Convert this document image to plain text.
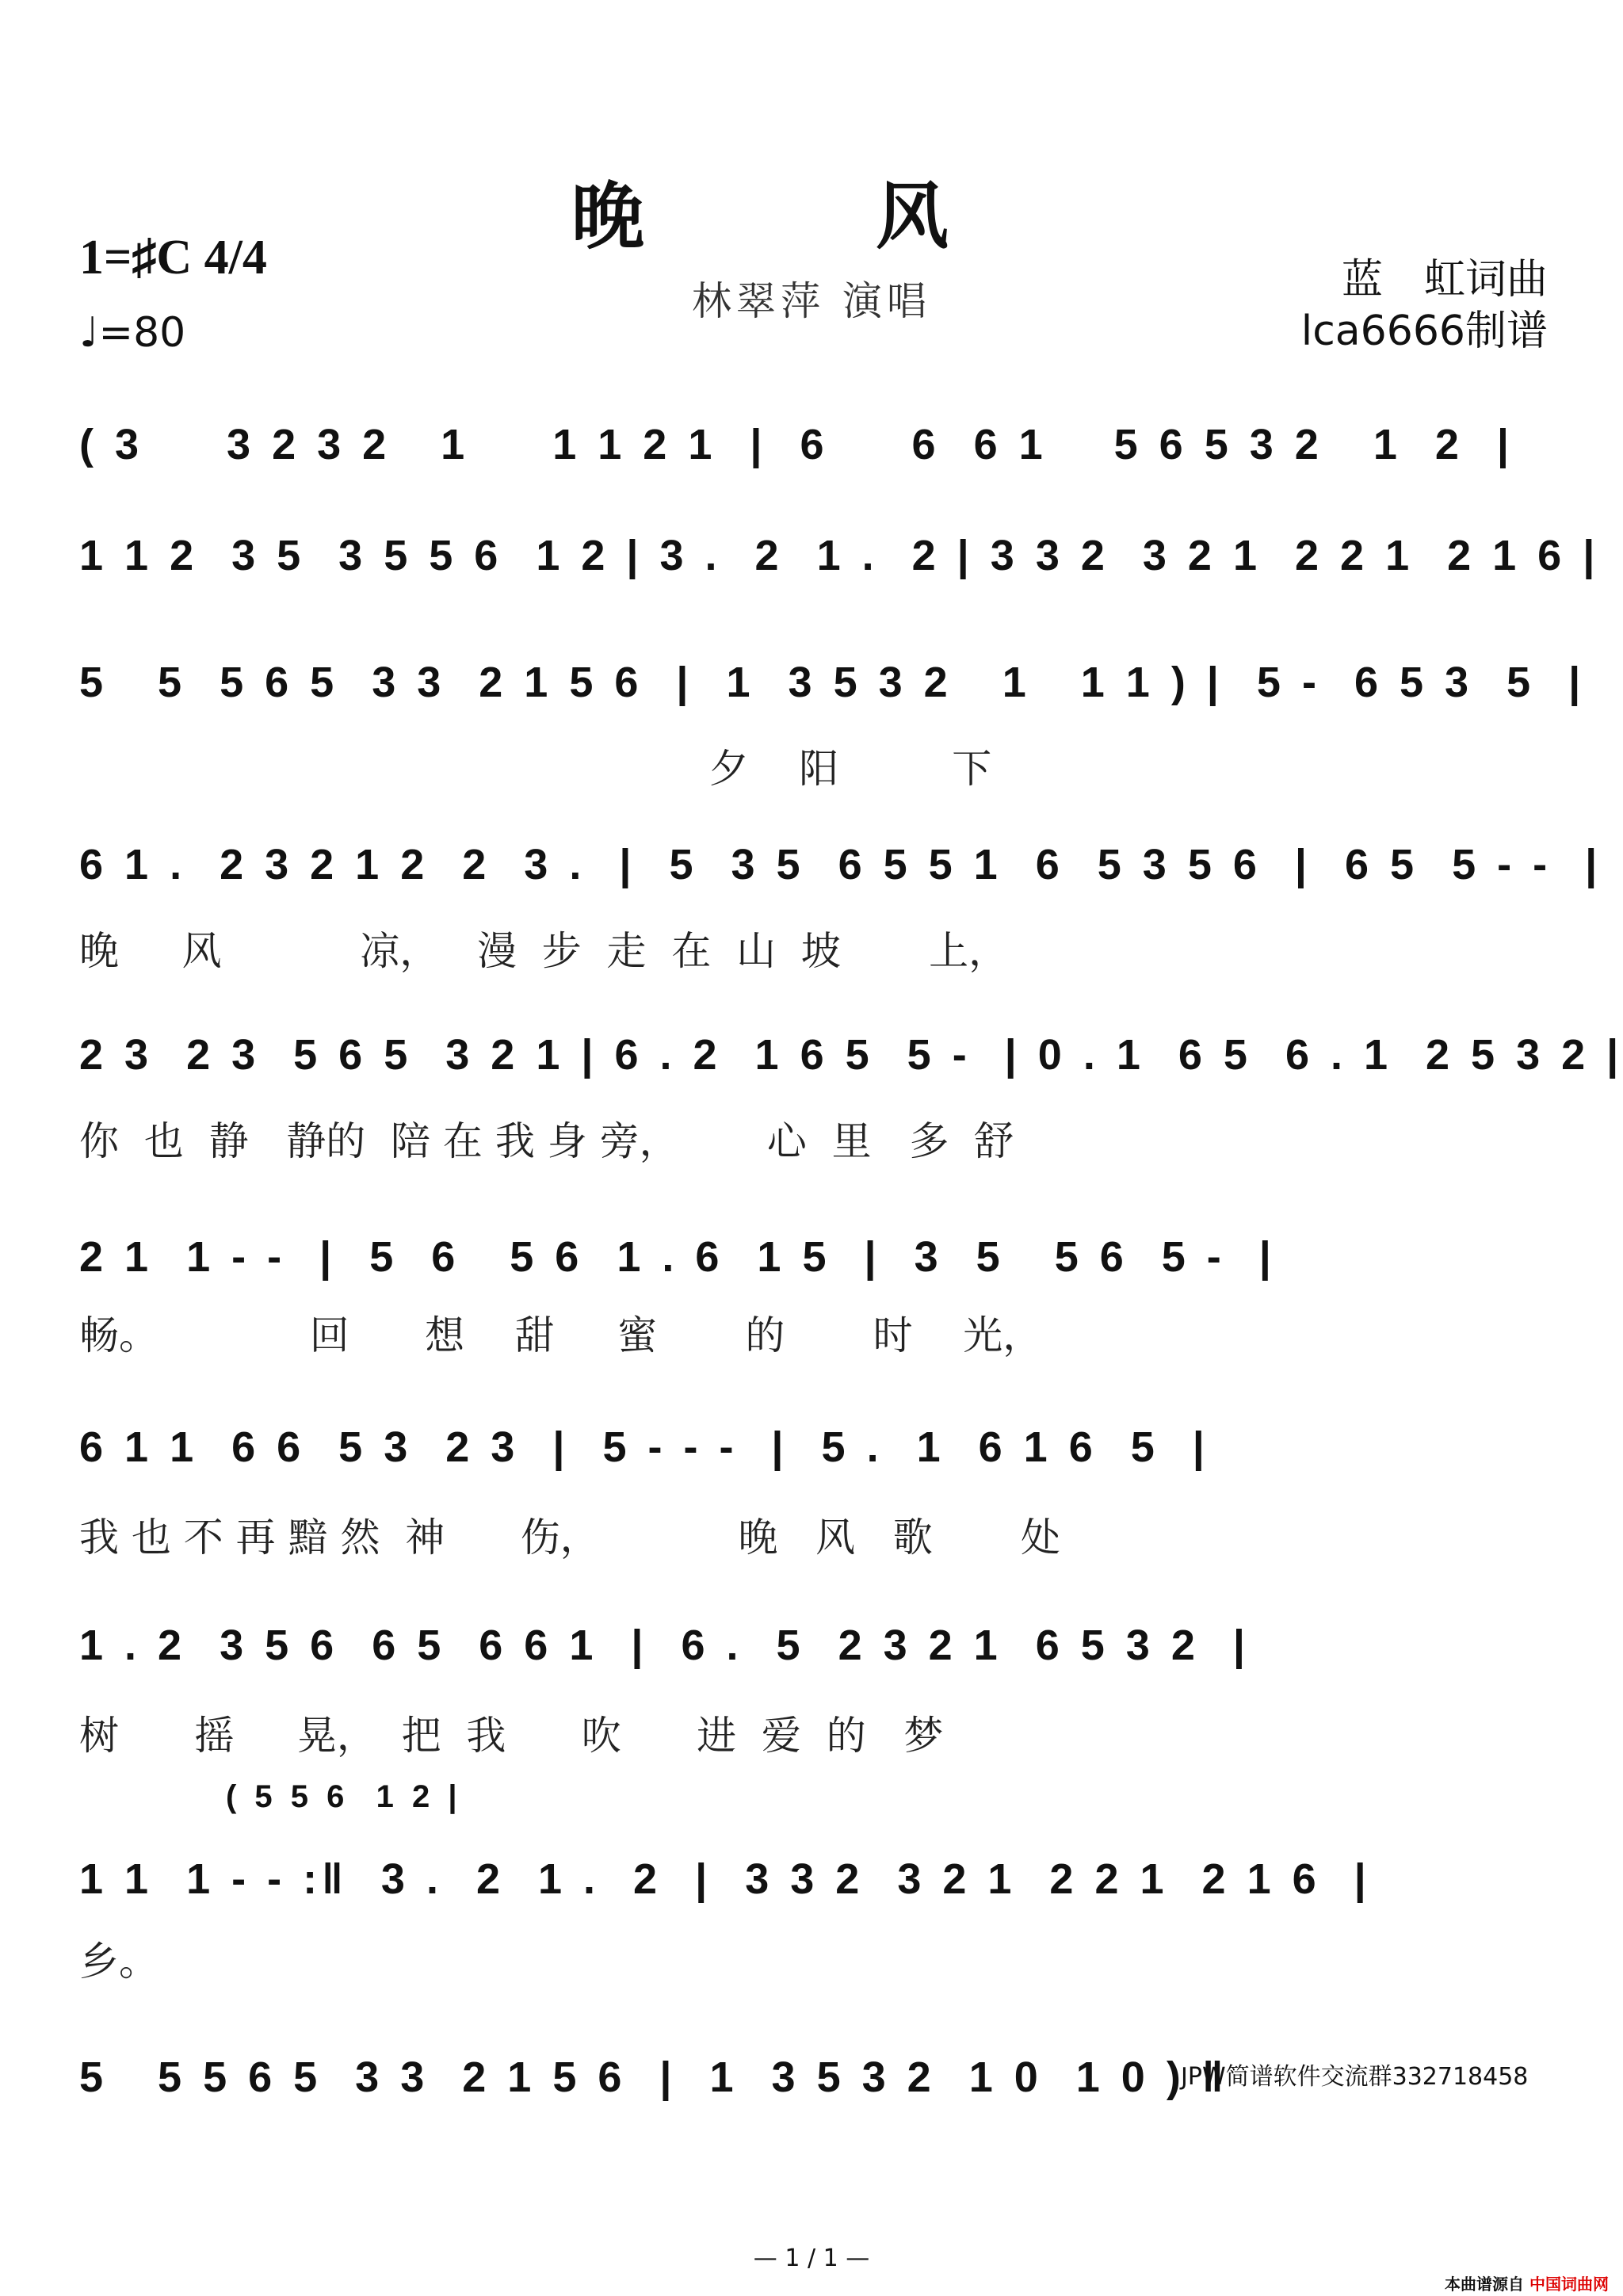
晚 风
林翠萍 演唱
1=♯C 4/4
♩=80
蓝　虹词曲
lca6666制谱
( 3     3 2 3 2   1     1 1 2 1  |  6     6  6 1    5 6 5 3 2   1  2  |
1 1 2  3 5  3 5 5 6  1 2 | 3 .  2  1 .  2 | 3 3 2  3 2 1  2 2 1  2 1 6 |
5   5  5 6 5  3 3  2 1 5 6  |  1  3 5 3 2   1   1 1 ) |  5 -  6 5 3  5  |
夕    阳         下
6 1 .  2 3 2 1 2  2  3 .  |  5  3 5  6 5 5 1  6  5 3 5 6  |  6 5  5 - -  |
晚     风           凉，   漫  步  走  在  山  坡       上，
2 3  2 3  5 6 5  3 2 1 | 6 . 2  1 6 5  5 -  | 0 . 1  6 5  6 . 1  2 5 3 2 |
你  也  静   静的  陪 在 我 身 旁，       心  里   多  舒
2 1  1 - -  |  5  6   5 6  1 . 6  1 5  |  3  5   5 6  5 -  |
畅。            回      想    甜     蜜       的       时    光，
6 1 1  6 6  5 3  2 3  |  5 - - -  |  5 .  1  6 1 6  5  |
我 也 不 再 黯 然  神      伤，           晚   风   歌       处
1 . 2  3 5 6  6 5  6 6 1  |  6 .  5  2 3 2 1  6 5 3 2  |
树      摇     晃，  把  我      吹      进  爱  的   梦
( 5 5 6  1 2 |
1 1  1 - - :‖  3 .  2  1 .  2  |  3 3 2  3 2 1  2 2 1  2 1 6  |
乡。
5   5 5 6 5  3 3  2 1 5 6  |  1  3 5 3 2  1 0  1 0 ) ‖
JPW简谱软件交流群332718458
— 1 / 1 —
本曲谱源自 中国词曲网
